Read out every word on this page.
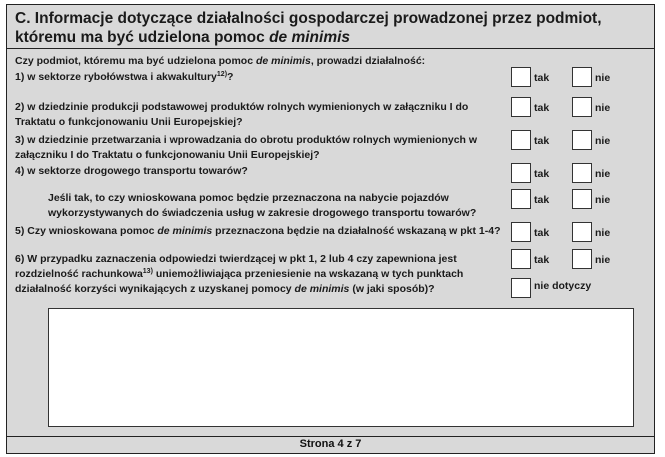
C. Informacje dotyczące działalności gospodarczej prowadzonej przez podmiot,
któremu ma być udzielona pomoc de minimis
Czy podmiot, któremu ma być udzielona pomoc de minimis, prowadzi działalność:
1) w sektorze rybołówstwa i akwakultury$^{12)}$?	tak	nie
2) w dziedzinie produkcji podstawowej produktów rolnych wymienionych w załączniku I do
Traktatu o funkcjonowaniu Unii Europejskiej?
tak	nie
3) w dziedzinie przetwarzania i wprowadzania do obrotu produktów rolnych wymienionych w
załączniku I do Traktatu o funkcjonowaniu Unii Europejskiej?
tak	nie
4) w sektorze drogowego transportu towarów?	tak	nie
Jeśli tak, to czy wnioskowana pomoc będzie przeznaczona na nabycie pojazdów
wykorzystywanych do świadczenia usług w zakresie drogowego transportu towarów?
tak	nie
5) Czy wnioskowana pomoc de minimis przeznaczona będzie na działalność wskazaną w pkt 1-4?	tak	nie
6) W przypadku zaznaczenia odpowiedzi twierdzącej w pkt 1, 2 lub 4 czy zapewniona jest
rozdzielność rachunkowa$^{13)}$ uniemożliwiająca przeniesienie na wskazaną w tych punktach
działalność korzyści wynikających z uzyskanej pomocy de minimis (w jaki sposób)?
tak	nie
nie dotyczy
Strona 4 z 7
